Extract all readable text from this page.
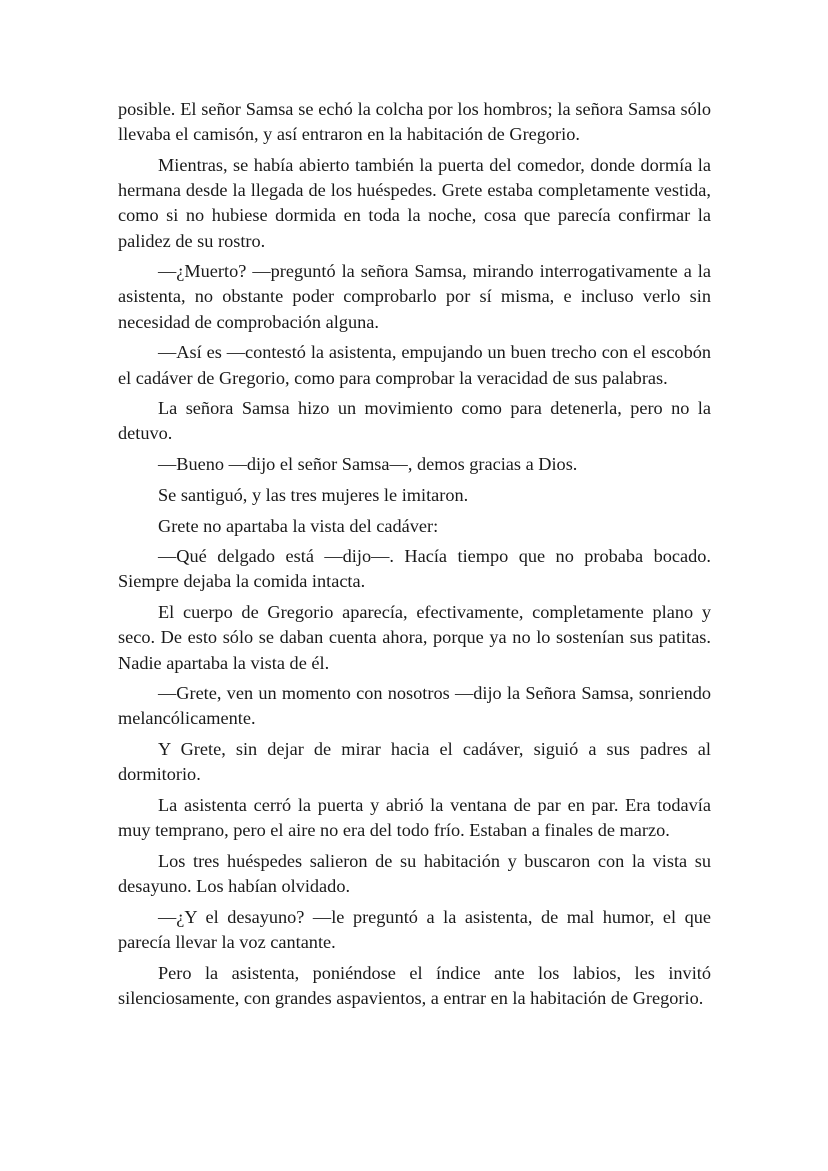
posible. El señor Samsa se echó la colcha por los hombros; la señora Samsa sólo llevaba el camisón, y así entraron en la habitación de Gregorio.

Mientras, se había abierto también la puerta del comedor, donde dormía la hermana desde la llegada de los huéspedes. Grete estaba completamente vestida, como si no hubiese dormida en toda la noche, cosa que parecía confirmar la palidez de su rostro.

—¿Muerto? —preguntó la señora Samsa, mirando interrogativamente a la asistenta, no obstante poder comprobarlo por sí misma, e incluso verlo sin necesidad de comprobación alguna.

—Así es —contestó la asistenta, empujando un buen trecho con el escobón el cadáver de Gregorio, como para comprobar la veracidad de sus palabras.

La señora Samsa hizo un movimiento como para detenerla, pero no la detuvo.

—Bueno —dijo el señor Samsa—, demos gracias a Dios.

Se santiguó, y las tres mujeres le imitaron.

Grete no apartaba la vista del cadáver:

—Qué delgado está —dijo—. Hacía tiempo que no probaba bocado. Siempre dejaba la comida intacta.

El cuerpo de Gregorio aparecía, efectivamente, completamente plano y seco. De esto sólo se daban cuenta ahora, porque ya no lo sostenían sus patitas. Nadie apartaba la vista de él.

—Grete, ven un momento con nosotros —dijo la Señora Samsa, sonriendo melancólicamente.

Y Grete, sin dejar de mirar hacia el cadáver, siguió a sus padres al dormitorio.

La asistenta cerró la puerta y abrió la ventana de par en par. Era todavía muy temprano, pero el aire no era del todo frío. Estaban a finales de marzo.

Los tres huéspedes salieron de su habitación y buscaron con la vista su desayuno. Los habían olvidado.

—¿Y el desayuno? —le preguntó a la asistenta, de mal humor, el que parecía llevar la voz cantante.

Pero la asistenta, poniéndose el índice ante los labios, les invitó silenciosamente, con grandes aspavientos, a entrar en la habitación de Gregorio.
